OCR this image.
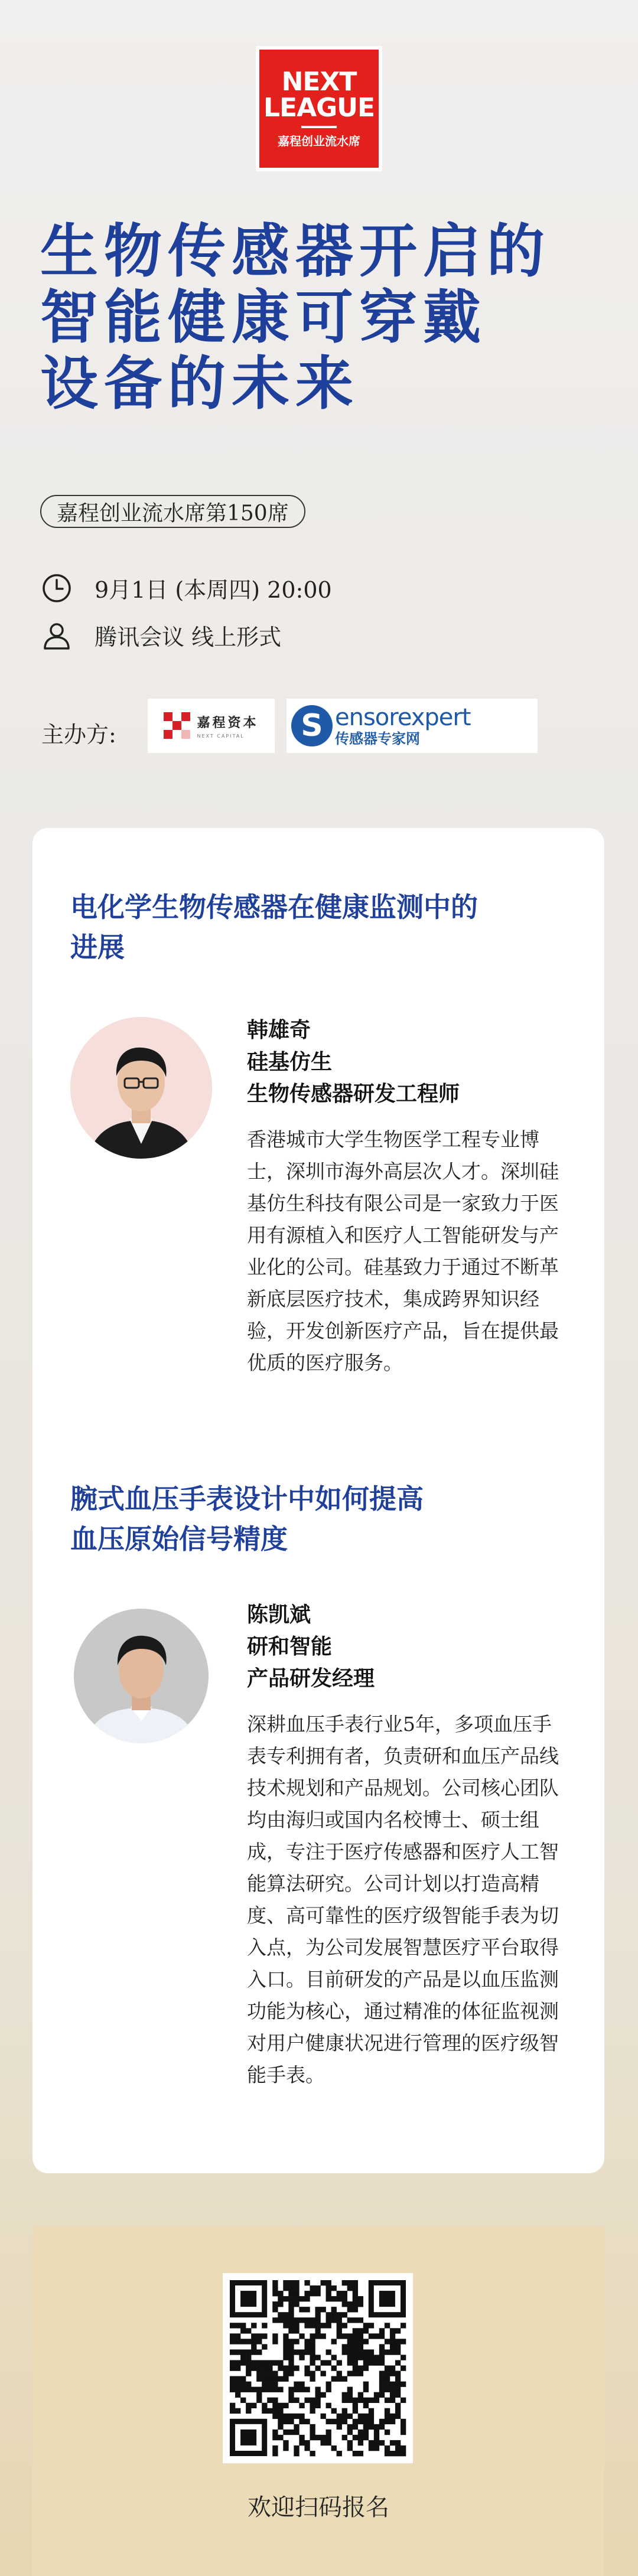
NEXT
LEAGUE
嘉程创业流水席
生物传感器开启的
智能健康可穿戴
设备的未来
嘉程创业流水席第150席
9月1日 (本周四) 20:00
腾讯会议 线上形式
主办方:	嘉程资本
NEXT CAPITAL	S ensorexpert
传感器专家网
电化学生物传感器在健康监测中的
进展
韩雄奇
硅基仿生
生物传感器研发工程师
香港城市大学生物医学工程专业博士，深圳市海外高层次人才。深圳硅基仿生科技有限公司是一家致力于医用有源植入和医疗人工智能研发与产业化的公司。硅基致力于通过不断革新底层医疗技术，集成跨界知识经验，开发创新医疗产品，旨在提供最优质的医疗服务。
腕式血压手表设计中如何提高
血压原始信号精度
陈凯斌
研和智能
产品研发经理
深耕血压手表行业5年，多项血压手表专利拥有者，负责研和血压产品线技术规划和产品规划。公司核心团队均由海归或国内名校博士、硕士组成，专注于医疗传感器和医疗人工智能算法研究。公司计划以打造高精度、高可靠性的医疗级智能手表为切入点，为公司发展智慧医疗平台取得入口。目前研发的产品是以血压监测功能为核心，通过精准的体征监视测对用户健康状况进行管理的医疗级智能手表。
欢迎扫码报名
